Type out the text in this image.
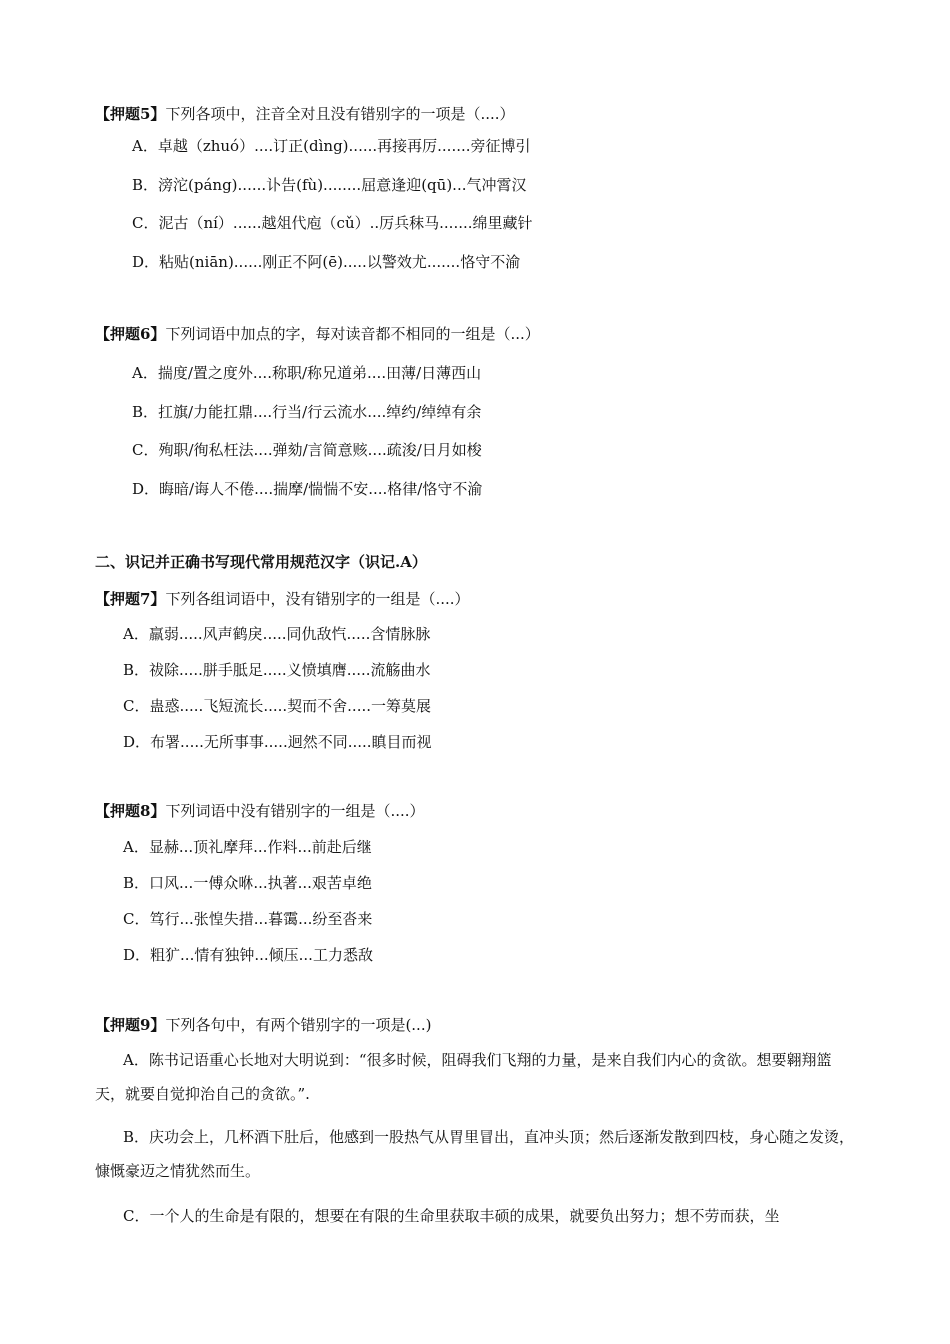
【押题5】下列各项中，注音全对且没有错别字的一项是（....）
A．卓越（zhuó）....订正(dìng)......再接再厉.......旁征博引
B．滂沱(páng)......讣告(fù)........屈意逢迎(qū)...气冲霄汉
C．泥古（ní）......越俎代庖（cǔ）..厉兵秣马.......绵里藏针
D．粘贴(niān)......刚正不阿(ē).....以警效尤.......恪守不渝
【押题6】下列词语中加点的字，每对读音都不相同的一组是（...）
A．揣度/置之度外....称职/称兄道弟....田薄/日薄西山
B．扛旗/力能扛鼎....行当/行云流水....绰约/绰绰有余
C．殉职/徇私枉法....弹劾/言简意赅....疏浚/日月如梭
D．晦暗/诲人不倦....揣摩/惴惴不安....格律/恪守不渝
二、识记并正确书写现代常用规范汉字（识记.A）
【押题7】下列各组词语中，没有错别字的一组是（....）
A．羸弱.....风声鹤戾.....同仇敌忾.....含情脉脉
B．祓除.....胼手胝足.....义愤填膺.....流觞曲水
C．蛊惑.....飞短流长.....契而不舍.....一筹莫展
D．布署.....无所事事.....迥然不同.....瞋目而视
【押题8】下列词语中没有错别字的一组是（....）
A．显赫...顶礼摩拜...作料...前赴后继
B．口风...一傅众咻...执著...艰苦卓绝
C．笃行...张惶失措...暮霭...纷至沓来
D．粗犷...情有独钟...倾压...工力悉敌
【押题9】下列各句中，有两个错别字的一项是(...)
A．陈书记语重心长地对大明说到：“很多时候，阻碍我们飞翔的力量，是来自我们内心的贪欲。想要翱翔篮天，就要自觉抑治自己的贪欲。”.
B．庆功会上，几杯酒下肚后，他感到一股热气从胃里冒出，直冲头顶；然后逐渐发散到四枝，身心随之发烫，慷慨豪迈之情犹然而生。
C．一个人的生命是有限的，想要在有限的生命里获取丰硕的成果，就要负出努力；想不劳而获，坐
